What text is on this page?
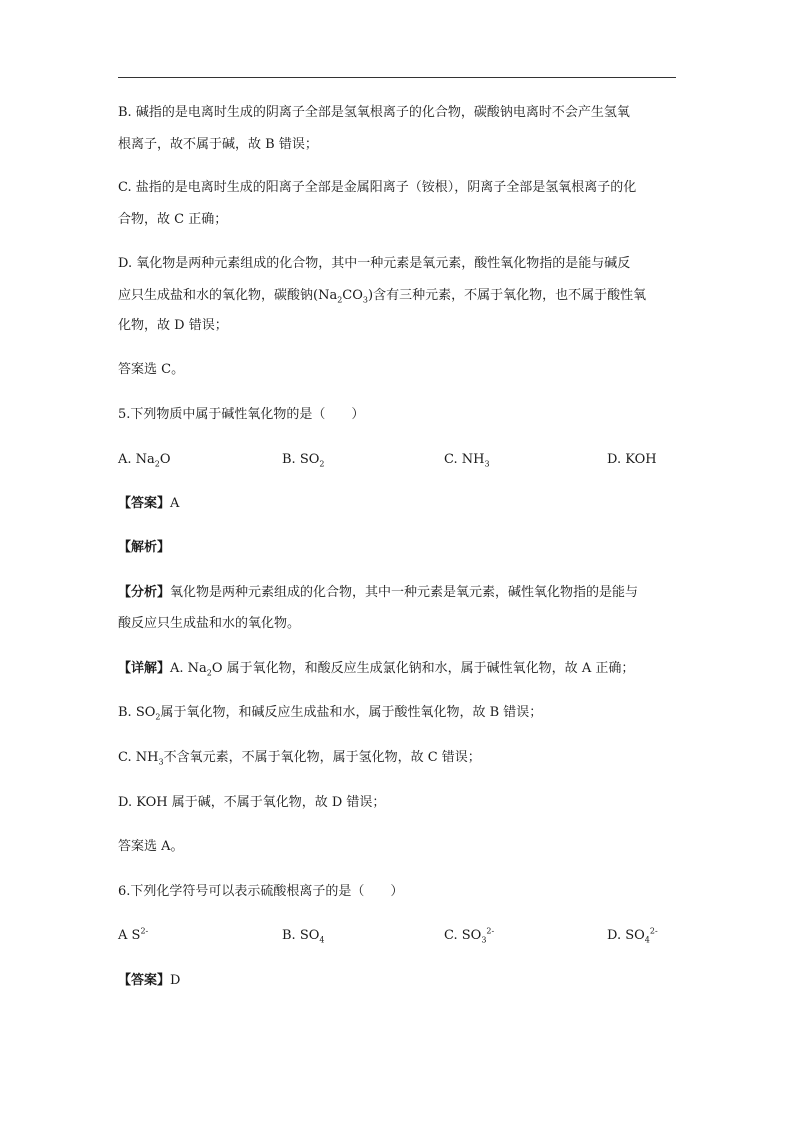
B. 碱指的是电离时生成的阴离子全部是氢氧根离子的化合物，碳酸钠电离时不会产生氢氧
根离子，故不属于碱，故 B 错误；
C. 盐指的是电离时生成的阳离子全部是金属阳离子（铵根），阴离子全部是氢氧根离子的化
合物，故 C 正确；
D. 氧化物是两种元素组成的化合物，其中一种元素是氧元素，酸性氧化物指的是能与碱反
应只生成盐和水的氧化物，碳酸钠$(Na_2CO_3)$含有三种元素，不属于氧化物，也不属于酸性氧
化物，故 D 错误；
答案选 C。
5.下列物质中属于碱性氧化物的是（　　）
A. $Na_2O$	B. $SO_2$	C. $NH_3$	D. KOH
【答案】A
【解析】
【分析】氧化物是两种元素组成的化合物，其中一种元素是氧元素，碱性氧化物指的是能与
酸反应只生成盐和水的氧化物。
【详解】A. $Na_2O$ 属于氧化物，和酸反应生成氯化钠和水，属于碱性氧化物，故 A 正确；
B. $SO_2$属于氧化物，和碱反应生成盐和水，属于酸性氧化物，故 B 错误；
C. $NH_3$不含氧元素，不属于氧化物，属于氢化物，故 C 错误；
D. KOH 属于碱，不属于氧化物，故 D 错误；
答案选 A。
6.下列化学符号可以表示硫酸根离子的是（　　）
A $S^{2-}$	B. $SO_4$	C. $SO_3^{2-}$	D. $SO_4^{2-}$
【答案】D
